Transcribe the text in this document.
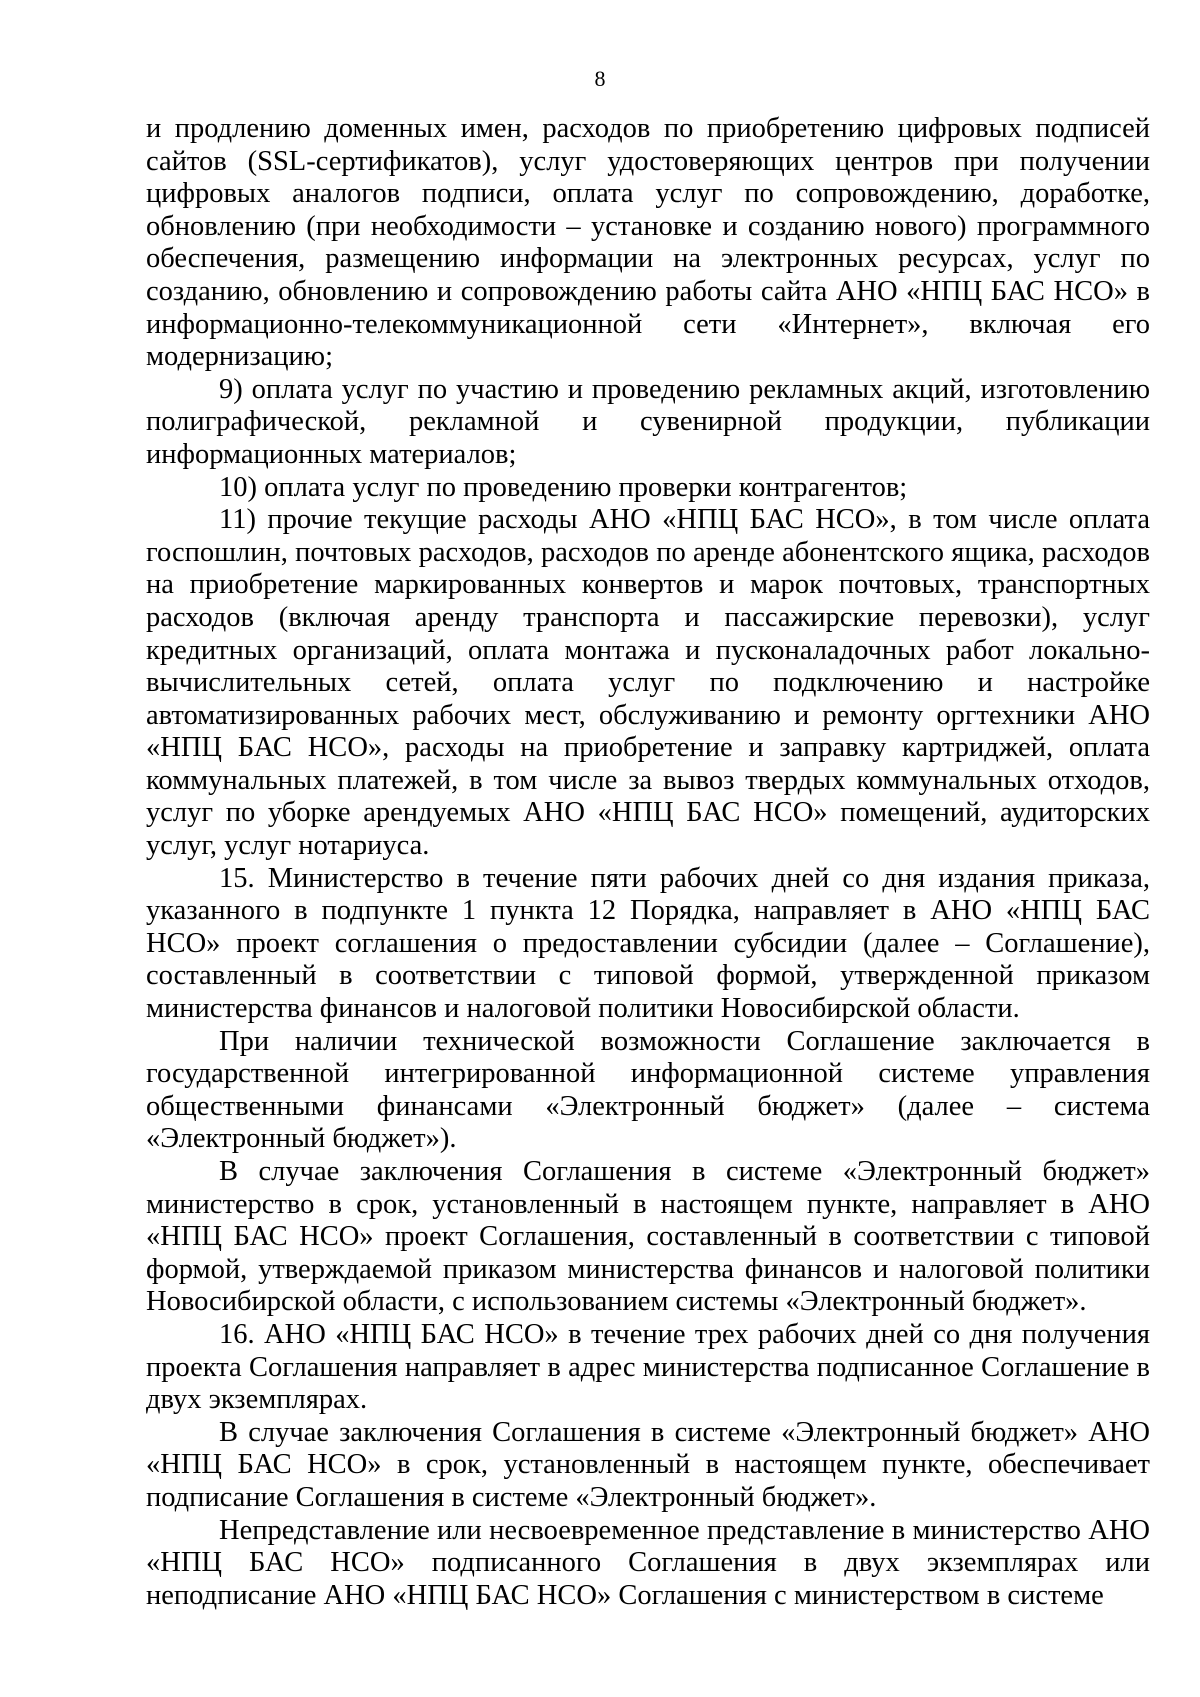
8

и продлению доменных имен, расходов по приобретению цифровых подписей сайтов (SSL-сертификатов), услуг удостоверяющих центров при получении цифровых аналогов подписи, оплата услуг по сопровождению, доработке, обновлению (при необходимости – установке и созданию нового) программного обеспечения, размещению информации на электронных ресурсах, услуг по созданию, обновлению и сопровождению работы сайта АНО «НПЦ БАС НСО» в информационно-телекоммуникационной сети «Интернет», включая его модернизацию;

9) оплата услуг по участию и проведению рекламных акций, изготовлению полиграфической, рекламной и сувенирной продукции, публикации информационных материалов;

10) оплата услуг по проведению проверки контрагентов;

11) прочие текущие расходы АНО «НПЦ БАС НСО», в том числе оплата госпошлин, почтовых расходов, расходов по аренде абонентского ящика, расходов на приобретение маркированных конвертов и марок почтовых, транспортных расходов (включая аренду транспорта и пассажирские перевозки), услуг кредитных организаций, оплата монтажа и пусконаладочных работ локально-вычислительных сетей, оплата услуг по подключению и настройке автоматизированных рабочих мест, обслуживанию и ремонту оргтехники АНО «НПЦ БАС НСО», расходы на приобретение и заправку картриджей, оплата коммунальных платежей, в том числе за вывоз твердых коммунальных отходов, услуг по уборке арендуемых АНО «НПЦ БАС НСО» помещений, аудиторских услуг, услуг нотариуса.

15. Министерство в течение пяти рабочих дней со дня издания приказа, указанного в подпункте 1 пункта 12 Порядка, направляет в АНО «НПЦ БАС НСО» проект соглашения о предоставлении субсидии (далее – Соглашение), составленный в соответствии с типовой формой, утвержденной приказом министерства финансов и налоговой политики Новосибирской области.

При наличии технической возможности Соглашение заключается в государственной интегрированной информационной системе управления общественными финансами «Электронный бюджет» (далее – система «Электронный бюджет»).

В случае заключения Соглашения в системе «Электронный бюджет» министерство в срок, установленный в настоящем пункте, направляет в АНО «НПЦ БАС НСО» проект Соглашения, составленный в соответствии с типовой формой, утверждаемой приказом министерства финансов и налоговой политики Новосибирской области, с использованием системы «Электронный бюджет».

16. АНО «НПЦ БАС НСО» в течение трех рабочих дней со дня получения проекта Соглашения направляет в адрес министерства подписанное Соглашение в двух экземплярах.

В случае заключения Соглашения в системе «Электронный бюджет» АНО «НПЦ БАС НСО» в срок, установленный в настоящем пункте, обеспечивает подписание Соглашения в системе «Электронный бюджет».

Непредставление или несвоевременное представление в министерство АНО «НПЦ БАС НСО» подписанного Соглашения в двух экземплярах или неподписание АНО «НПЦ БАС НСО» Соглашения с министерством в системе
